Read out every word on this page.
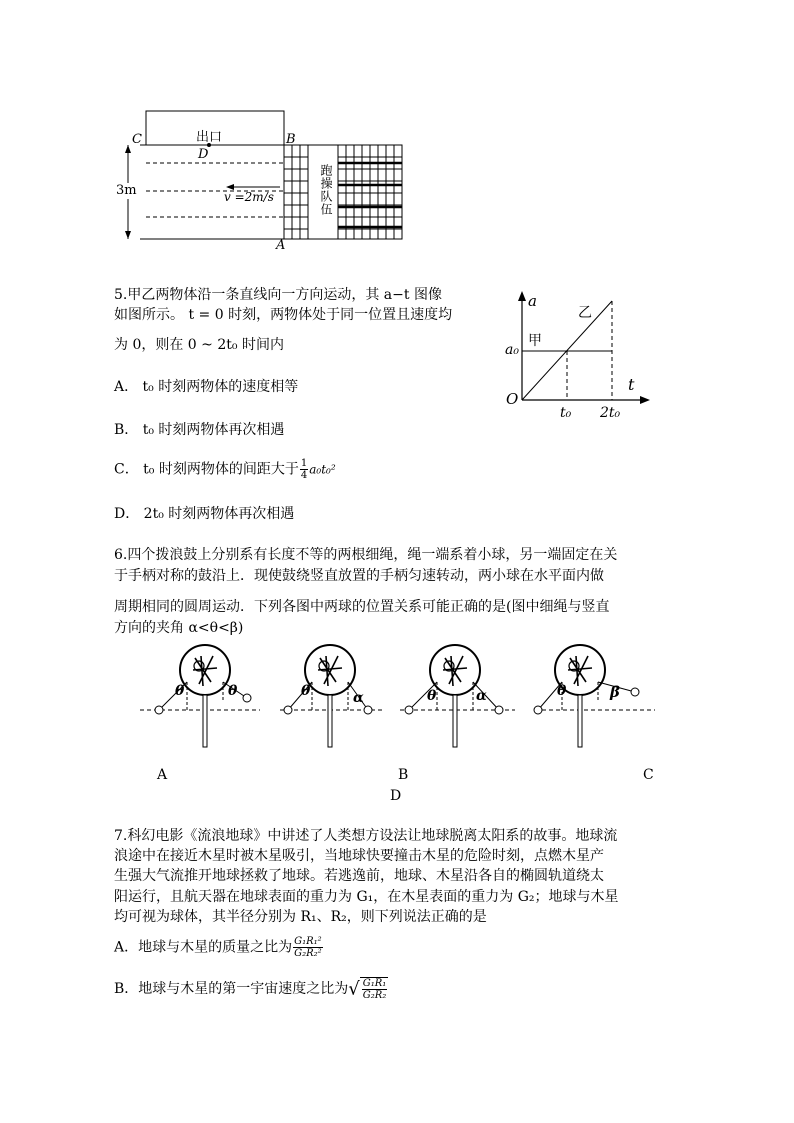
C	出口	B
D
3m	v =2m/s
A
跑操队伍
5.甲乙两物体沿一条直线向一方向运动，其 a−t 图像
如图所示。 t = 0 时刻，两物体处于同一位置且速度均
为 0，则在 0 ~ 2t₀ 时间内
A． t₀ 时刻两物体的速度相等
B． t₀ 时刻两物体再次相遇
C． t₀ 时刻两物体的间距大于 $\frac{1}{4} a_0t_0^2$
D． 2t₀ 时刻两物体再次相遇
a
乙
甲
a₀
t
O
t₀ 2t₀
6.四个拨浪鼓上分别系有长度不等的两根细绳，绳一端系着小球，另一端固定在关
于手柄对称的鼓沿上．现使鼓绕竖直放置的手柄匀速转动，两小球在水平面内做
周期相同的圆周运动．下列各图中两球的位置关系可能正确的是(图中细绳与竖直
方向的夹角 α<θ<β)
θ	θ	θ	α	θ	α	θ	β
A	B	C
D
7.科幻电影《流浪地球》中讲述了人类想方设法让地球脱离太阳系的故事。地球流
浪途中在接近木星时被木星吸引，当地球快要撞击木星的危险时刻，点燃木星产
生强大气流推开地球拯救了地球。若逃逸前，地球、木星沿各自的椭圆轨道绕太
阳运行，且航天器在地球表面的重力为 G₁，在木星表面的重力为 G₂；地球与木星
均可视为球体，其半径分别为 R₁、R₂，则下列说法正确的是
A．地球与木星的质量之比为 $\frac{\text{G₁R₁²}}{\text{G₂R₂²}}$
B．地球与木星的第一宇宙速度之比为√ $\frac{\text{G₁R₁}}{\text{G₂R₂}}$
